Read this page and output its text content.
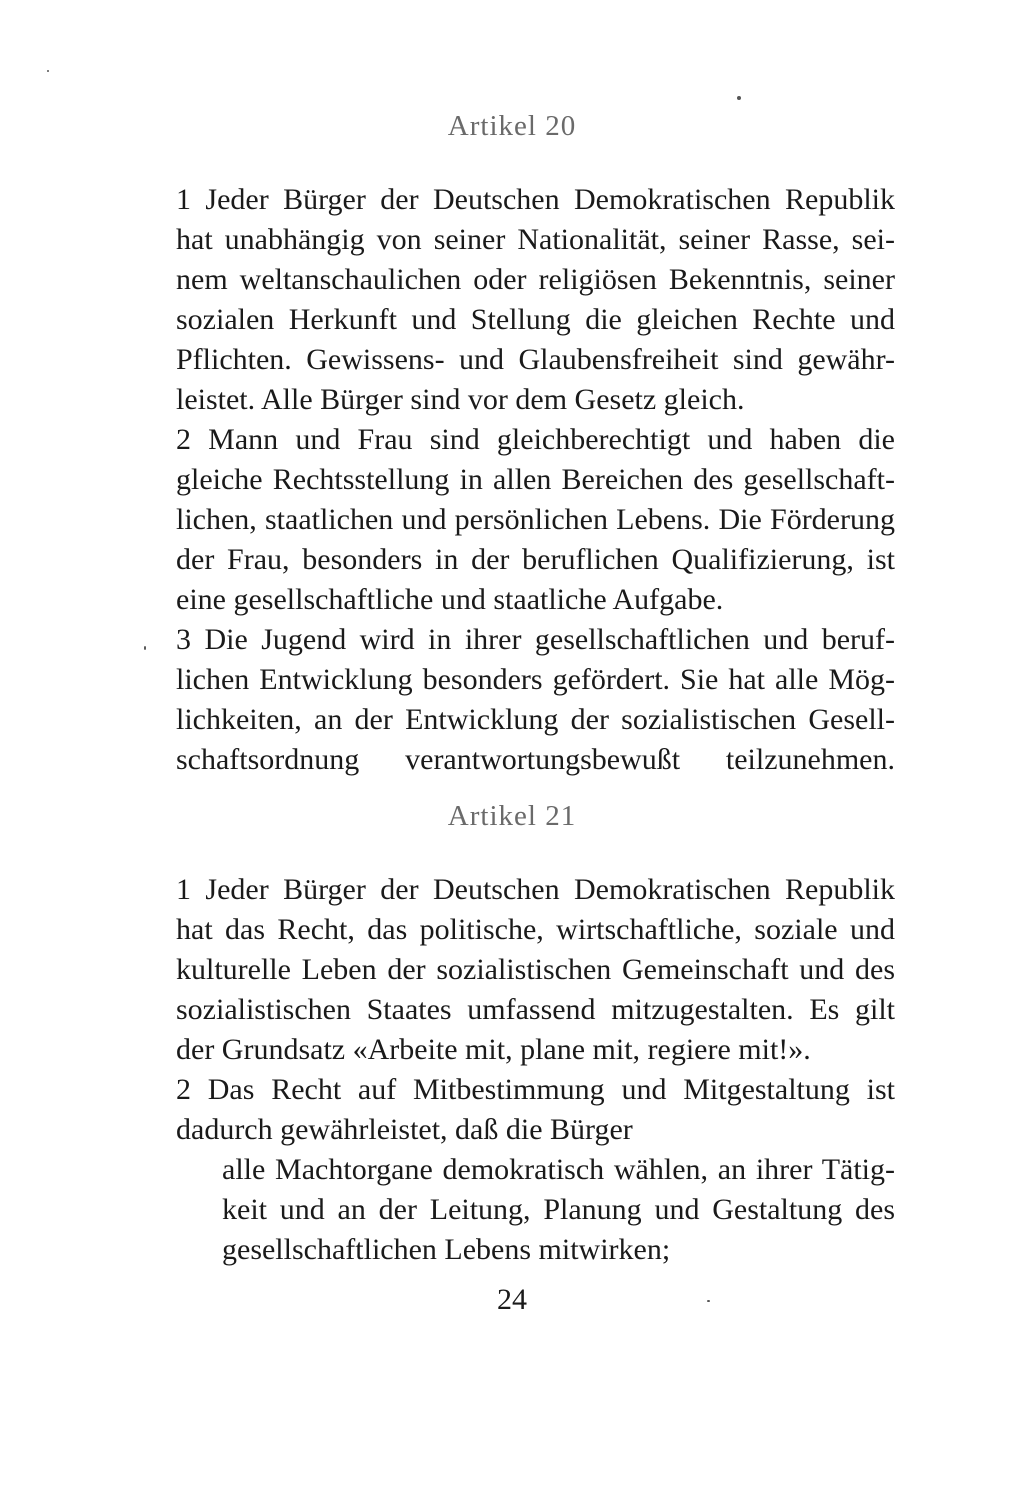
Artikel 20

1 Jeder Bürger der Deutschen Demokratischen Republik

hat unabhängig von seiner Nationalität, seiner Rasse, sei-

nem weltanschaulichen oder religiösen Bekenntnis, seiner

sozialen Herkunft und Stellung die gleichen Rechte und

Pflichten. Gewissens- und Glaubensfreiheit sind gewähr-

leistet. Alle Bürger sind vor dem Gesetz gleich.

2 Mann und Frau sind gleichberechtigt und haben die

gleiche Rechtsstellung in allen Bereichen des gesellschaft-

lichen, staatlichen und persönlichen Lebens. Die Förderung

der Frau, besonders in der beruflichen Qualifizierung, ist

eine gesellschaftliche und staatliche Aufgabe.

3 Die Jugend wird in ihrer gesellschaftlichen und beruf-

lichen Entwicklung besonders gefördert. Sie hat alle Mög-

lichkeiten, an der Entwicklung der sozialistischen Gesell-

schaftsordnung verantwortungsbewußt teilzunehmen.

Artikel 21

1 Jeder Bürger der Deutschen Demokratischen Republik

hat das Recht, das politische, wirtschaftliche, soziale und

kulturelle Leben der sozialistischen Gemeinschaft und des

sozialistischen Staates umfassend mitzugestalten. Es gilt

der Grundsatz «Arbeite mit, plane mit, regiere mit!».

2 Das Recht auf Mitbestimmung und Mitgestaltung ist

dadurch gewährleistet, daß die Bürger

alle Machtorgane demokratisch wählen, an ihrer Tätig-

keit und an der Leitung, Planung und Gestaltung des

gesellschaftlichen Lebens mitwirken;

24
